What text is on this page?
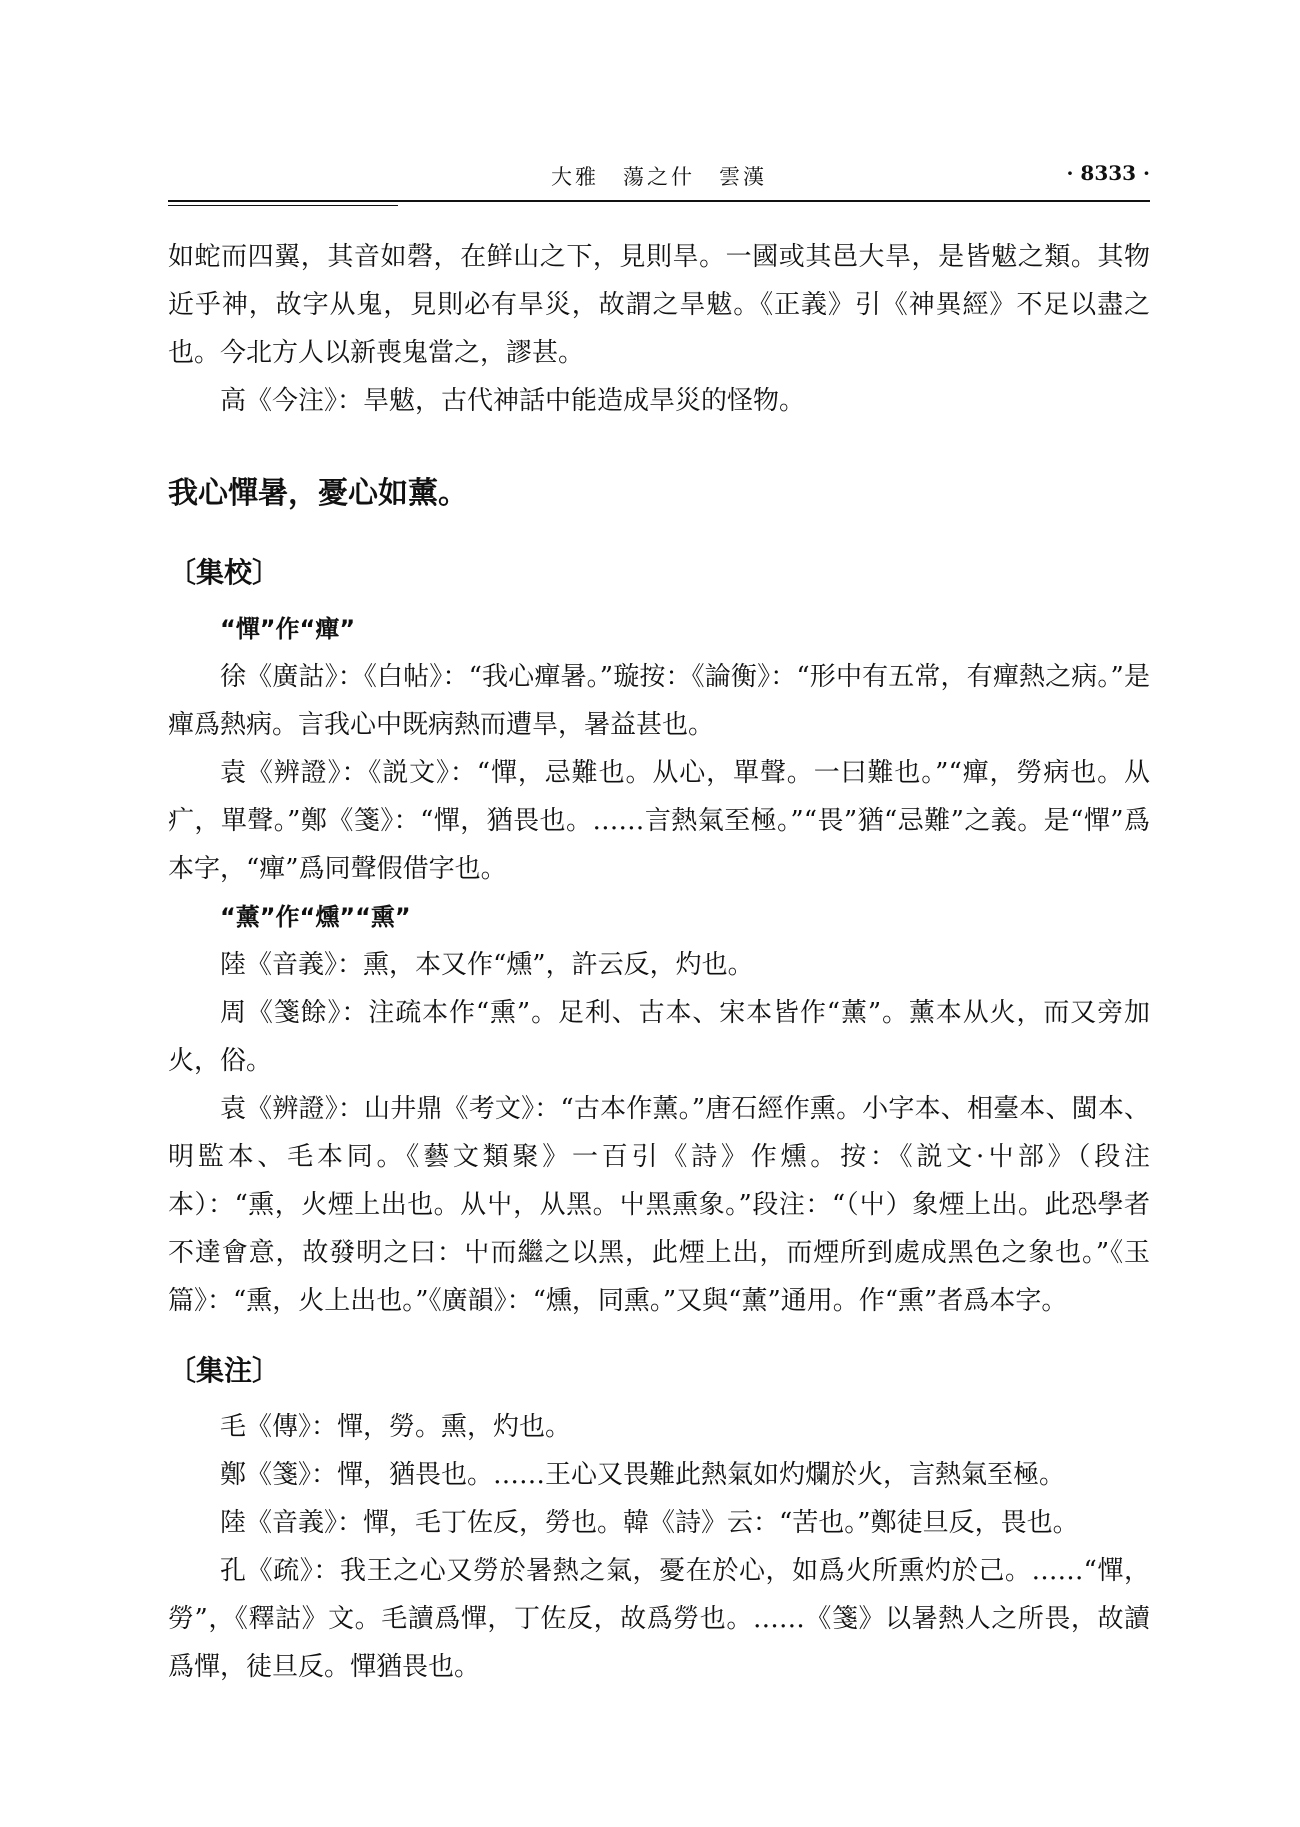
大雅　蕩之什　雲漢	· 8333 ·

如蛇而四翼，其音如磬，在鲜山之下，見則旱。一國或其邑大旱，是皆魃之類。其物近乎神，故字从鬼，見則必有旱災，故謂之旱魃。《正義》引《神異經》不足以盡之也。今北方人以新喪鬼當之，謬甚。

高《今注》：旱魃，古代神話中能造成旱災的怪物。

我心憚暑，憂心如薰。
〔集校〕
“憚”作“癉”

徐《廣詁》：《白帖》：“我心癉暑。”璇按：《論衡》：“形中有五常，有癉熱之病。”是癉爲熱病。言我心中既病熱而遭旱，暑益甚也。

袁《辨證》：《説文》：“憚，忌難也。从心，單聲。一曰難也。”“癉，勞病也。从疒，單聲。”鄭《箋》：“憚，猶畏也。……言熱氣至極。”“畏”猶“忌難”之義。是“憚”爲本字，“癉”爲同聲假借字也。

“薰”作“燻”“熏”

陸《音義》：熏，本又作“燻”，許云反，灼也。

周《箋餘》：注疏本作“熏”。足利、古本、宋本皆作“薰”。薰本从火，而又旁加火，俗。

袁《辨證》：山井鼎《考文》：“古本作薰。”唐石經作熏。小字本、相臺本、閩本、明監本、毛本同。《藝文類聚》一百引《詩》作燻。按：《説文·屮部》（段注本）：“熏，火煙上出也。从屮，从黑。屮黑熏象。”段注：“（屮）象煙上出。此恐學者不達會意，故發明之曰：屮而繼之以黑，此煙上出，而煙所到處成黑色之象也。”《玉篇》：“熏，火上出也。”《廣韻》：“燻，同熏。”又與“薰”通用。作“熏”者爲本字。

〔集注〕

毛《傳》：憚，勞。熏，灼也。

鄭《箋》：憚，猶畏也。……王心又畏難此熱氣如灼爛於火，言熱氣至極。

陸《音義》：憚，毛丁佐反，勞也。韓《詩》云：“苦也。”鄭徒旦反，畏也。

孔《疏》：我王之心又勞於暑熱之氣，憂在於心，如爲火所熏灼於己。……“憚，勞”，《釋詁》文。毛讀爲憚，丁佐反，故爲勞也。……《箋》以暑熱人之所畏，故讀爲憚，徒旦反。憚猶畏也。
